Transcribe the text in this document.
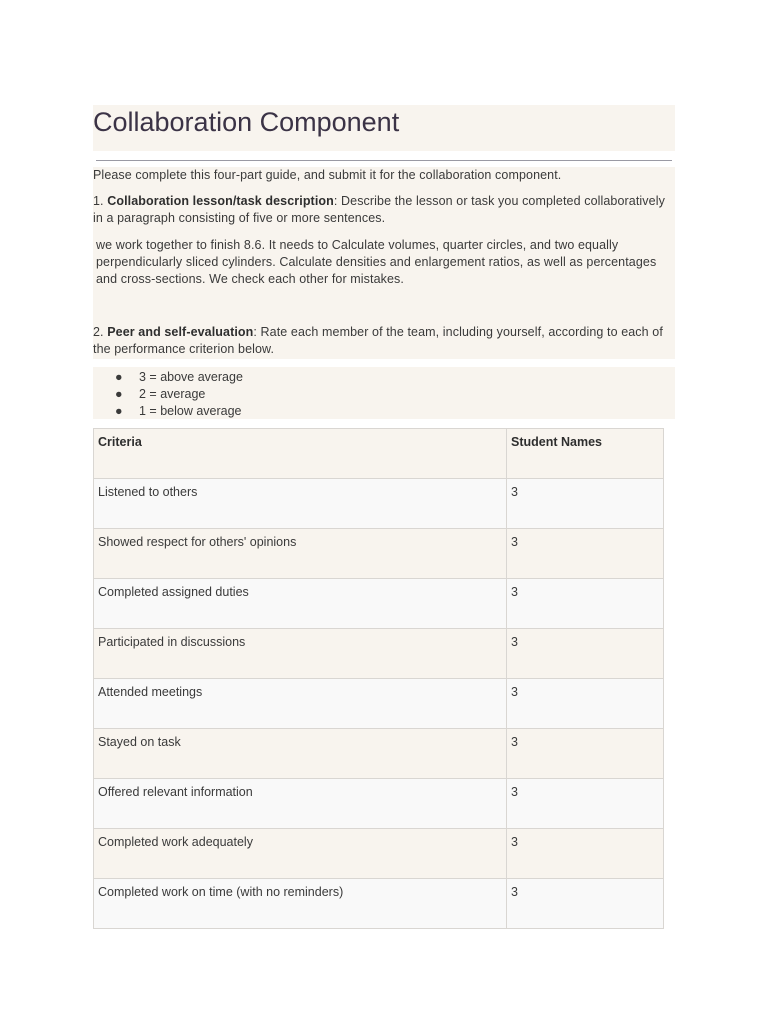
Collaboration Component

Please complete this four-part guide, and submit it for the collaboration component.

1. Collaboration lesson/task description: Describe the lesson or task you completed collaboratively in a paragraph consisting of five or more sentences.

we work together to finish 8.6. It needs to Calculate volumes, quarter circles, and two equally perpendicularly sliced cylinders. Calculate densities and enlargement ratios, as well as percentages and cross-sections. We check each other for mistakes.

2. Peer and self-evaluation: Rate each member of the team, including yourself, according to each of the performance criterion below.

● 3 = above average
● 2 = average
● 1 = below average
Criteria	Student Names
Listened to others	3
Showed respect for others' opinions	3
Completed assigned duties	3
Participated in discussions	3
Attended meetings	3
Stayed on task	3
Offered relevant information	3
Completed work adequately	3
Completed work on time (with no reminders)	3
